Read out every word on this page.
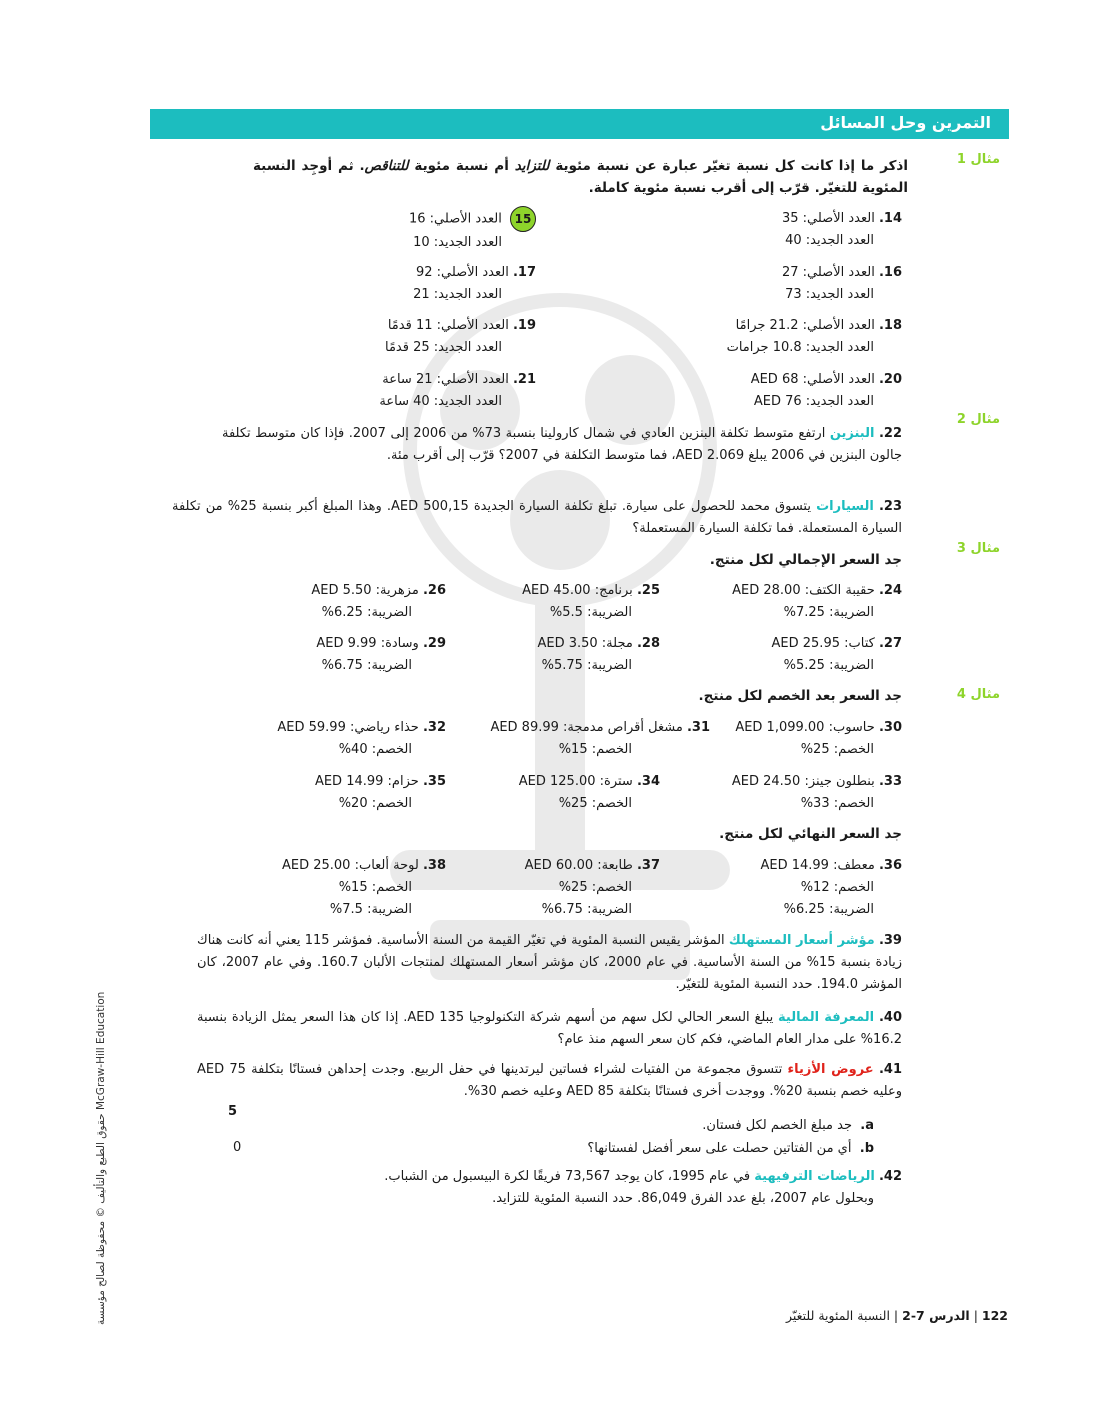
التمرين وحل المسائل
مثال 1
مثال 2
مثال 3
مثال 4
اذكر ما إذا كانت كل نسبة تغيّر عبارة عن نسبة مئوية للتزايد أم نسبة مئوية للتناقص. ثم أوجِد النسبة المئوية للتغيّر. قرّب إلى أقرب نسبة مئوية كاملة.
14. العدد الأصلي: 35
العدد الجديد: 40
15 العدد الأصلي: 16
العدد الجديد: 10
16. العدد الأصلي: 27
العدد الجديد: 73
17. العدد الأصلي: 92
العدد الجديد: 21
18. العدد الأصلي: 21.2 جرامًا
العدد الجديد: 10.8 جرامات
19. العدد الأصلي: 11 قدمًا
العدد الجديد: 25 قدمًا
20. العدد الأصلي: AED 68
العدد الجديد: AED 76
21. العدد الأصلي: 21 ساعة
العدد الجديد: 40 ساعة
22. البنزين ارتفع متوسط تكلفة البنزين العادي في شمال كارولينا بنسبة 73% من 2006 إلى 2007. فإذا كان متوسط تكلفة جالون البنزين في 2006 يبلغ AED 2.069، فما متوسط التكلفة في 2007؟ قرّب إلى أقرب مئة.
23. السيارات يتسوق محمد للحصول على سيارة. تبلغ تكلفة السيارة الجديدة 15,AED 500. وهذا المبلغ أكبر بنسبة 25% من تكلفة السيارة المستعملة. فما تكلفة السيارة المستعملة؟
جد السعر الإجمالي لكل منتج.
24. حقيبة الكتف: AED 28.00
الضريبة: 7.25%
25. برنامج: AED 45.00
الضريبة: 5.5%
26. مزهرية: AED 5.50
الضريبة: 6.25%
27. كتاب: AED 25.95
الضريبة: 5.25%
28. مجلة: AED 3.50
الضريبة: 5.75%
29. وسادة: AED 9.99
الضريبة: 6.75%
جد السعر بعد الخصم لكل منتج.
30. حاسوب: AED 1,099.00
الخصم: 25%
31. مشغل أقراص مدمجة: AED 89.99
الخصم: 15%
32. حذاء رياضي: AED 59.99
الخصم: 40%
33. بنطلون جينز: AED 24.50
الخصم: 33%
34. سترة: AED 125.00
الخصم: 25%
35. حزام: AED 14.99
الخصم: 20%
جد السعر النهائي لكل منتج.
36. معطف: AED 14.99
الخصم: 12%
الضريبة: 6.25%
37. طابعة: AED 60.00
الخصم: 25%
الضريبة: 6.75%
38. لوحة ألعاب: AED 25.00
الخصم: 15%
الضريبة: 7.5%
39. مؤشر أسعار المستهلك المؤشر يقيس النسبة المئوية في تغيّر القيمة من السنة الأساسية. فمؤشر 115 يعني أنه كانت هناك زيادة بنسبة 15% من السنة الأساسية. في عام 2000، كان مؤشر أسعار المستهلك لمنتجات الألبان 160.7. وفي عام 2007، كان المؤشر 194.0. حدد النسبة المئوية للتغيّر.
40. المعرفة المالية يبلغ السعر الحالي لكل سهم من أسهم شركة التكنولوجيا AED 135. إذا كان هذا السعر يمثل الزيادة بنسبة 16.2% على مدار العام الماضي، فكم كان سعر السهم منذ عام؟
41. عروض الأزياء تتسوق مجموعة من الفتيات لشراء فساتين ليرتدينها في حفل الربيع. وجدت إحداهن فستانًا بتكلفة AED 75 وعليه خصم بنسبة 20%. ووجدت أخرى فستانًا بتكلفة AED 85 وعليه خصم 30%.
a.  جد مبلغ الخصم لكل فستان.
b.  أي من الفتاتين حصلت على سعر أفضل لفستانها؟
5
0
42. الرياضات الترفيهية في عام 1995، كان يوجد 73,567 فريقًا لكرة البيسبول من الشباب.
وبحلول عام 2007، بلغ عدد الفرق 86,049. حدد النسبة المئوية للتزايد.
حقوق الطبع والتأليف © محفوظة لصالح مؤسسة McGraw-Hill Education
122 | الدرس 7-2 | النسبة المئوية للتغيّر
